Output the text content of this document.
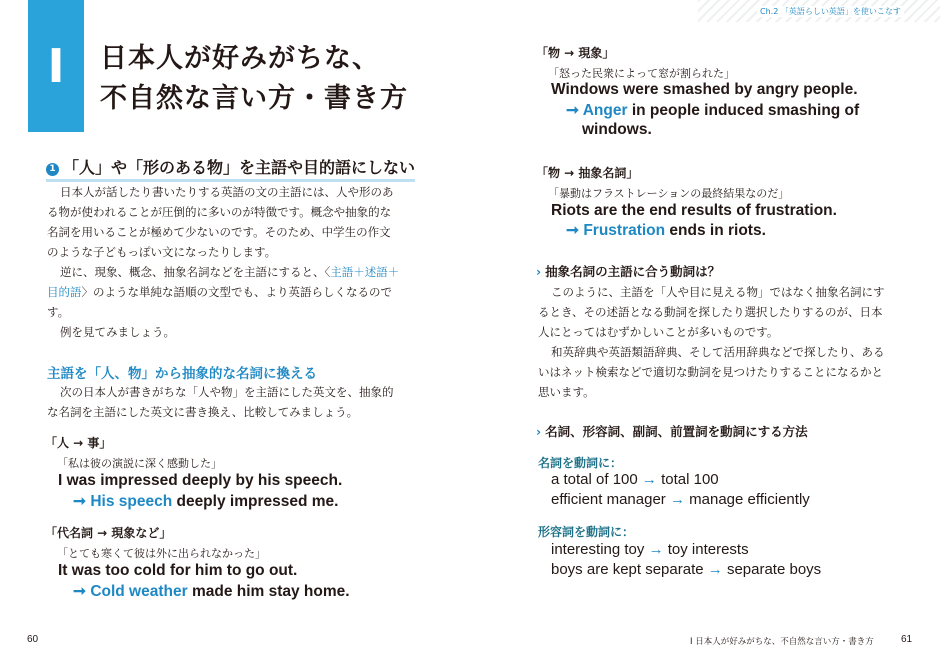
Ch.2 「英語らしい英語」を使いこなす
I 日本人が好みがちな、
不自然な言い方・書き方
1 「人」や「形のある物」を主語や目的語にしない
日本人が話したり書いたりする英語の文の主語には、人や形のあ
る物が使われることが圧倒的に多いのが特徴です。概念や抽象的な
名詞を用いることが極めて少ないのです。そのため、中学生の作文
のような子どもっぽい文になったりします。
逆に、現象、概念、抽象名詞などを主語にすると、〈主語＋述語＋
目的語〉のような単純な語順の文型でも、より英語らしくなるので
す。
例を見てみましょう。
主語を「人、物」から抽象的な名詞に換える
次の日本人が書きがちな「人や物」を主語にした英文を、抽象的
な名詞を主語にした英文に書き換え、比較してみましょう。
「人 → 事」
「私は彼の演説に深く感動した」
I was impressed deeply by his speech.
➞ His speech deeply impressed me.
「代名詞 → 現象など」
「とても寒くて彼は外に出られなかった」
It was too cold for him to go out.
➞ Cold weather made him stay home.
「物 → 現象」
「怒った民衆によって窓が割られた」
Windows were smashed by angry people.
➞ Anger in people induced smashing of
windows.
「物 → 抽象名詞」
「暴動はフラストレーションの最終結果なのだ」
Riots are the end results of frustration.
➞ Frustration ends in riots.
› 抽象名詞の主語に合う動詞は？
このように、主語を「人や目に見える物」ではなく抽象名詞にす
るとき、その述語となる動詞を探したり選択したりするのが、日本
人にとってはむずかしいことが多いものです。
和英辞典や英語類語辞典、そして活用辞典などで探したり、ある
いはネット検索などで適切な動詞を見つけたりすることになるかと
思います。
› 名詞、形容詞、副詞、前置詞を動詞にする方法
名詞を動詞に：
a total of 100 → total 100
efficient manager → manage efficiently
形容詞を動詞に：
interesting toy → toy interests
boys are kept separate → separate boys
60	Ⅰ 日本人が好みがちな、不自然な言い方・書き方	61
